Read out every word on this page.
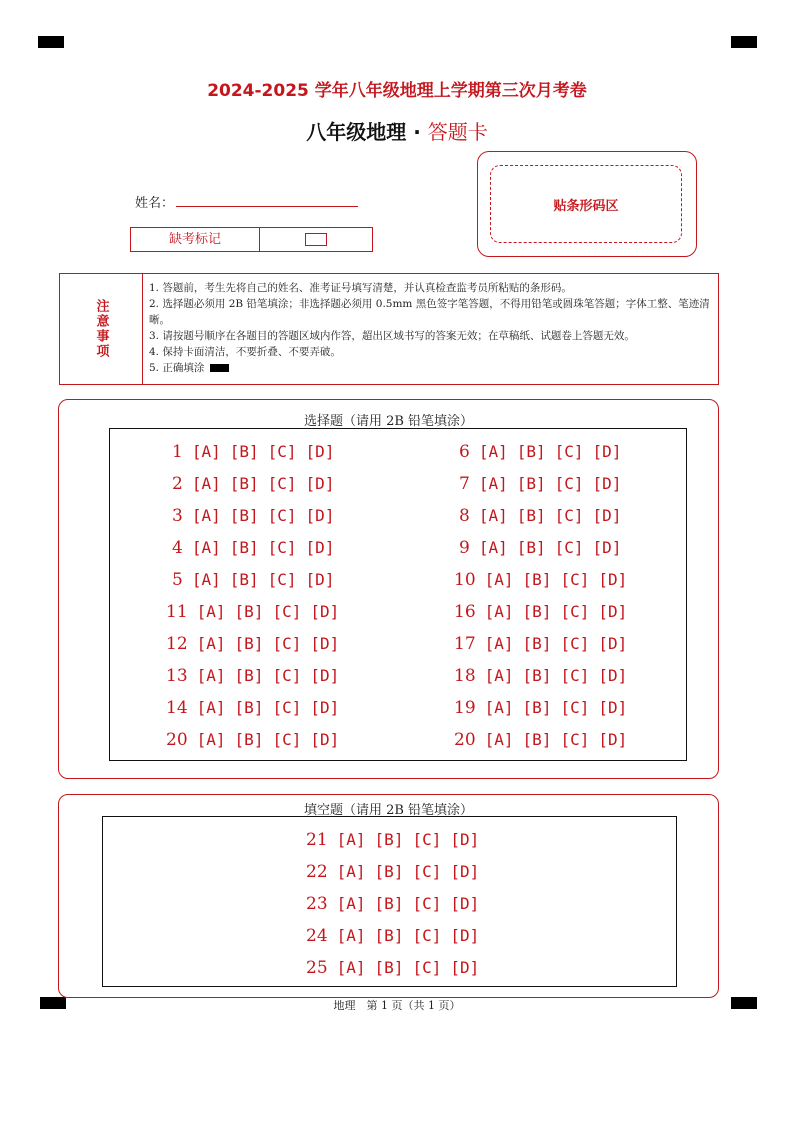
2024-2025 学年八年级地理上学期第三次月考卷
八年级地理 · 答题卡
姓名：
缺考标记
贴条形码区
注意事项
1. 答题前，考生先将自己的姓名、准考证号填写清楚，并认真检查监考员所粘贴的条形码。
2. 选择题必须用 2B 铅笔填涂；非选择题必须用 0.5mm 黑色签字笔答题，不得用铅笔或圆珠笔答题；字体工整、笔迹清晰。
3. 请按题号顺序在各题目的答题区域内作答，超出区域书写的答案无效；在草稿纸、试题卷上答题无效。
4. 保持卡面清洁，不要折叠、不要弄破。
5. 正确填涂
选择题（请用 2B 铅笔填涂）
1 [A] [B] [C] [D]
2 [A] [B] [C] [D]
3 [A] [B] [C] [D]
4 [A] [B] [C] [D]
5 [A] [B] [C] [D]
11 [A] [B] [C] [D]
12 [A] [B] [C] [D]
13 [A] [B] [C] [D]
14 [A] [B] [C] [D]
20 [A] [B] [C] [D]
6 [A] [B] [C] [D]
7 [A] [B] [C] [D]
8 [A] [B] [C] [D]
9 [A] [B] [C] [D]
10 [A] [B] [C] [D]
16 [A] [B] [C] [D]
17 [A] [B] [C] [D]
18 [A] [B] [C] [D]
19 [A] [B] [C] [D]
20 [A] [B] [C] [D]
填空题（请用 2B 铅笔填涂）
21 [A] [B] [C] [D]
22 [A] [B] [C] [D]
23 [A] [B] [C] [D]
24 [A] [B] [C] [D]
25 [A] [B] [C] [D]
地理　第 1 页（共 1 页）
